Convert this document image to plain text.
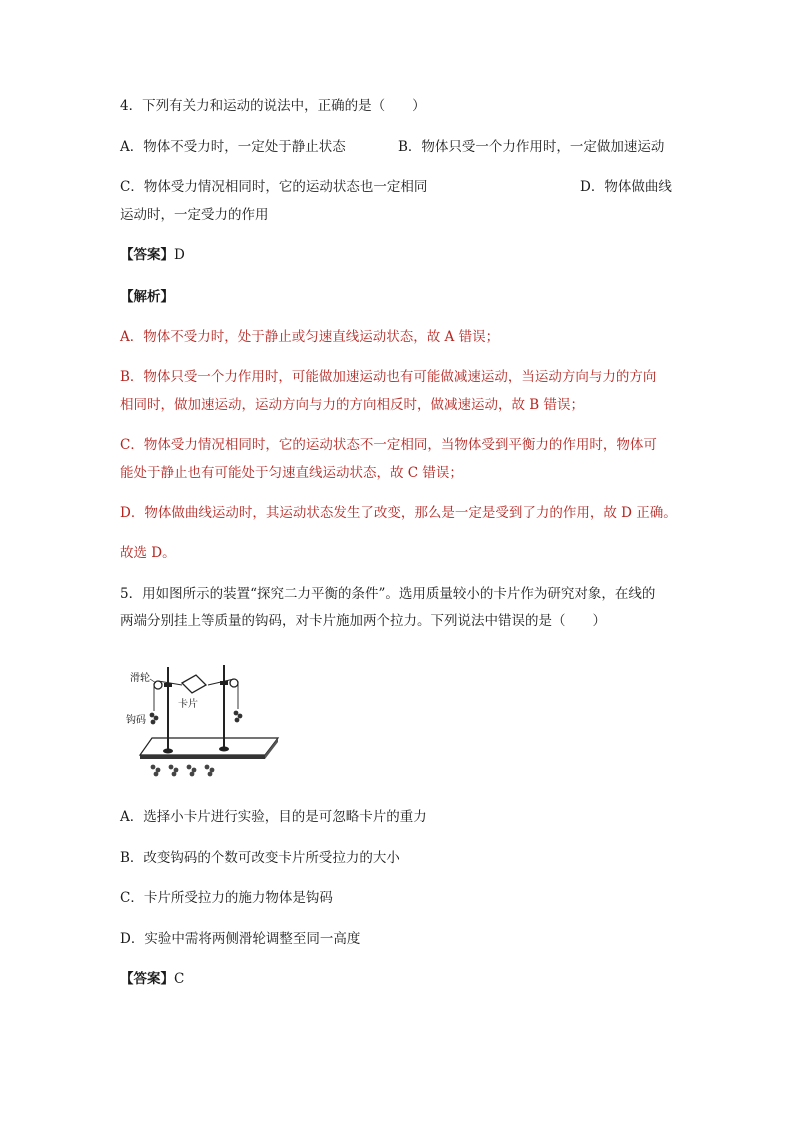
4．下列有关力和运动的说法中，正确的是（　　）
A．物体不受力时，一定处于静止状态	B．物体只受一个力作用时，一定做加速运动
C．物体受力情况相同时，它的运动状态也一定相同	D．物体做曲线
运动时，一定受力的作用
【答案】D
【解析】
A．物体不受力时，处于静止或匀速直线运动状态，故 A 错误；
B．物体只受一个力作用时，可能做加速运动也有可能做减速运动，当运动方向与力的方向
相同时，做加速运动，运动方向与力的方向相反时，做减速运动，故 B 错误；
C．物体受力情况相同时，它的运动状态不一定相同，当物体受到平衡力的作用时，物体可
能处于静止也有可能处于匀速直线运动状态，故 C 错误；
D．物体做曲线运动时，其运动状态发生了改变，那么是一定是受到了力的作用，故 D 正确。
故选 D。
5．用如图所示的装置“探究二力平衡的条件”。选用质量较小的卡片作为研究对象，在线的
两端分别挂上等质量的钩码，对卡片施加两个拉力。下列说法中错误的是（　　）
滑轮
卡片
钩码
A．选择小卡片进行实验，目的是可忽略卡片的重力
B．改变钩码的个数可改变卡片所受拉力的大小
C．卡片所受拉力的施力物体是钩码
D．实验中需将两侧滑轮调整至同一高度
【答案】C
